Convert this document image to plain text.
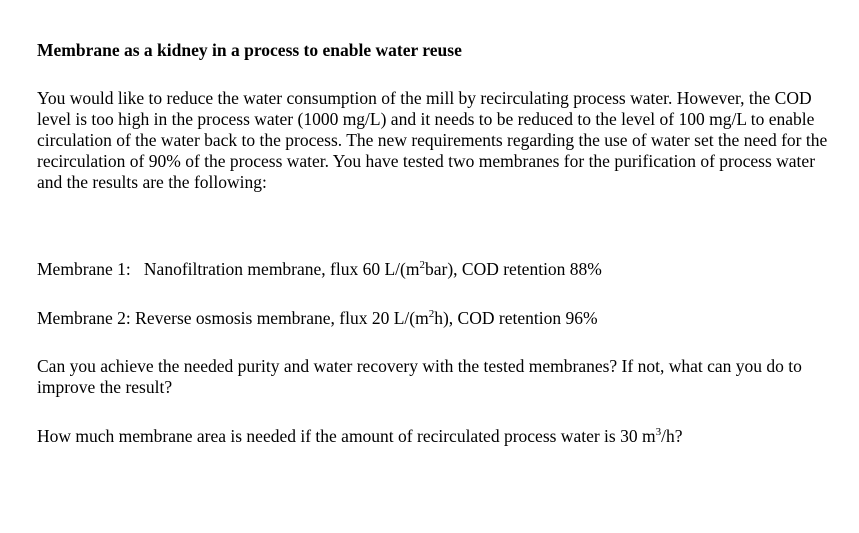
Membrane as a kidney in a process to enable water reuse

You would like to reduce the water consumption of the mill by recirculating process water. However, the COD level is too high in the process water (1000 mg/L) and it needs to be reduced to the level of 100 mg/L to enable circulation of the water back to the process. The new requirements regarding the use of water set the need for the recirculation of 90% of the process water. You have tested two membranes for the purification of process water and the results are the following:

Membrane 1: Nanofiltration membrane, flux 60 $L/(m^2bar)$, COD retention 88%

Membrane 2: Reverse osmosis membrane, flux 20 $L/(m^2h)$, COD retention 96%

Can you achieve the needed purity and water recovery with the tested membranes? If not, what can you do to improve the result?

How much membrane area is needed if the amount of recirculated process water is 30 $m^3/h$?
